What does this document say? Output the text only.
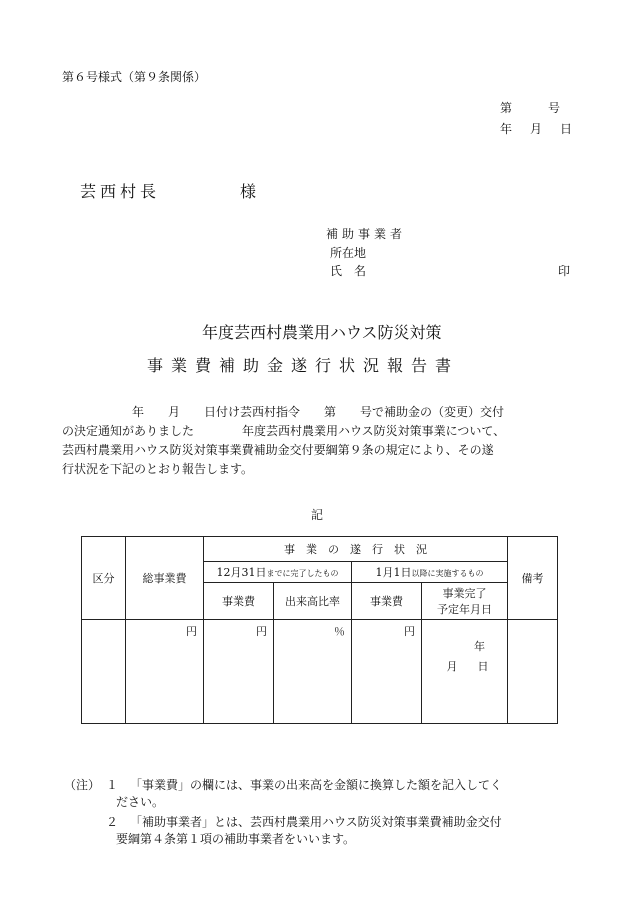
第６号様式（第９条関係）
第　　　号
年　月　日
芸西村長	様
補助事業者
所在地
氏　名	印
年度芸西村農業用ハウス防災対策
事業費補助金遂行状況報告書
年　　月　　日付け芸西村指令　　第　　号で補助金の（変更）交付
の決定通知がありました　　　　年度芸西村農業用ハウス防災対策事業について、
芸西村農業用ハウス防災対策事業費補助金交付要綱第９条の規定により、その遂
行状況を下記のとおり報告します。
記
区分	総事業費	事　業　の　遂　行　状　況				備考
		12月31日までに完了したもの		1月1日以降に実施するもの		
		事業費	出来高比率	事業費	事業完了
予定年月日	

	円	円	％	円	年
月 日	

（注） １ 「事業費」の欄には、事業の出来高を金額に換算した額を記入してく
ださい。
２ 「補助事業者」とは、芸西村農業用ハウス防災対策事業費補助金交付
要綱第４条第１項の補助事業者をいいます。
